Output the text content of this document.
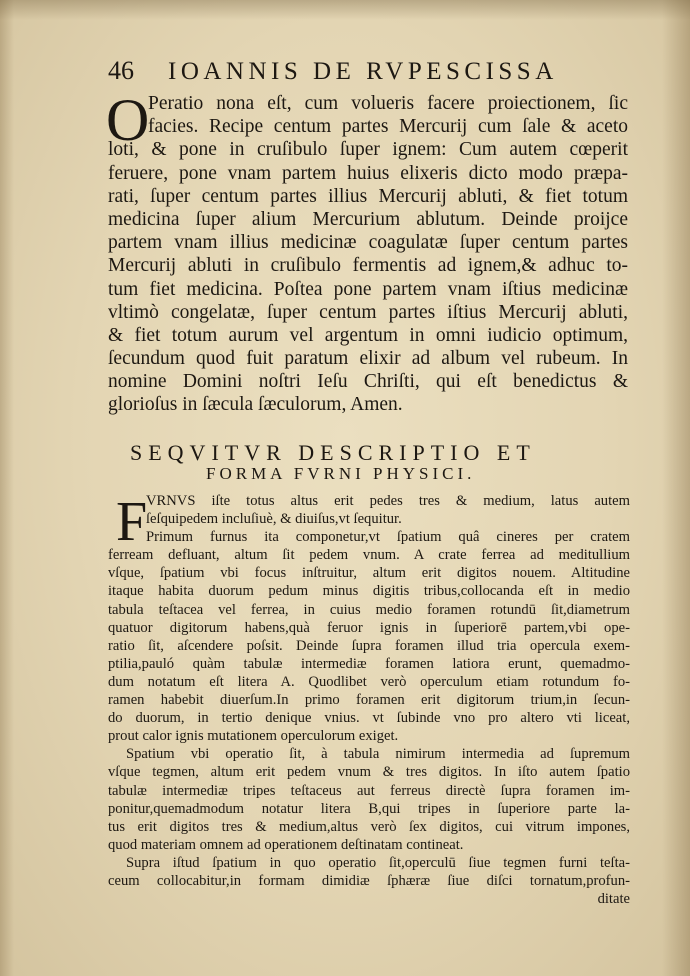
46	IOANNIS DE RVPESCISSA
O
Peratio nona eſt, cum volueris facere proiectionem, ſic
facies. Recipe centum partes Mercurij cum ſale & aceto
loti, & pone in cruſibulo ſuper ignem: Cum autem cœperit
feruere, pone vnam partem huius elixeris dicto modo præpa-
rati, ſuper centum partes illius Mercurij abluti, & fiet totum
medicina ſuper alium Mercurium ablutum. Deinde proijce
partem vnam illius medicinæ coagulatæ ſuper centum partes
Mercurij abluti in cruſibulo fermentis ad ignem,& adhuc to-
tum fiet medicina. Poſtea pone partem vnam iſtius medicinæ
vltimò congelatæ, ſuper centum partes iſtius Mercurij abluti,
& fiet totum aurum vel argentum in omni iudicio optimum,
ſecundum quod fuit paratum elixir ad album vel rubeum. In
nomine Domini noſtri Ieſu Chriſti, qui eſt benedictus &
glorioſus in ſæcula ſæculorum, Amen.
SEQVITVR DESCRIPTIO ET
FORMA FVRNI PHYSICI.
F
VRNVS iſte totus altus erit pedes tres & medium, latus autem
ſeſquipedem incluſiuè, & diuiſus,vt ſequitur.
Primum furnus ita componetur,vt ſpatium quâ cineres per cratem
ferream defluant, altum ſit pedem vnum. A crate ferrea ad meditullium
vſque, ſpatium vbi focus inſtruitur, altum erit digitos nouem. Altitudine
itaque habita duorum pedum minus digitis tribus,collocanda eſt in medio
tabula teſtacea vel ferrea, in cuius medio foramen rotundū ſit,diametrum
quatuor digitorum habens,quà feruor ignis in ſuperiorē partem,vbi ope-
ratio ſit, aſcendere poſsit. Deinde ſupra foramen illud tria opercula exem-
ptilia,pauló quàm tabulæ intermediæ foramen latiora erunt, quemadmo-
dum notatum eſt litera A. Quodlibet verò operculum etiam rotundum fo-
ramen habebit diuerſum.In primo foramen erit digitorum trium,in ſecun-
do duorum, in tertio denique vnius. vt ſubinde vno pro altero vti liceat,
prout calor ignis mutationem operculorum exiget.
Spatium vbi operatio ſit, à tabula nimirum intermedia ad ſupremum
vſque tegmen, altum erit pedem vnum & tres digitos. In iſto autem ſpatio
tabulæ intermediæ tripes teſtaceus aut ferreus directè ſupra foramen im-
ponitur,quemadmodum notatur litera B,qui tripes in ſuperiore parte la-
tus erit digitos tres & medium,altus verò ſex digitos, cui vitrum impones,
quod materiam omnem ad operationem deſtinatam contineat.
Supra iſtud ſpatium in quo operatio ſit,operculū ſiue tegmen furni teſta-
ceum collocabitur,in formam dimidiæ ſphæræ ſiue diſci tornatum,profun-
ditate
